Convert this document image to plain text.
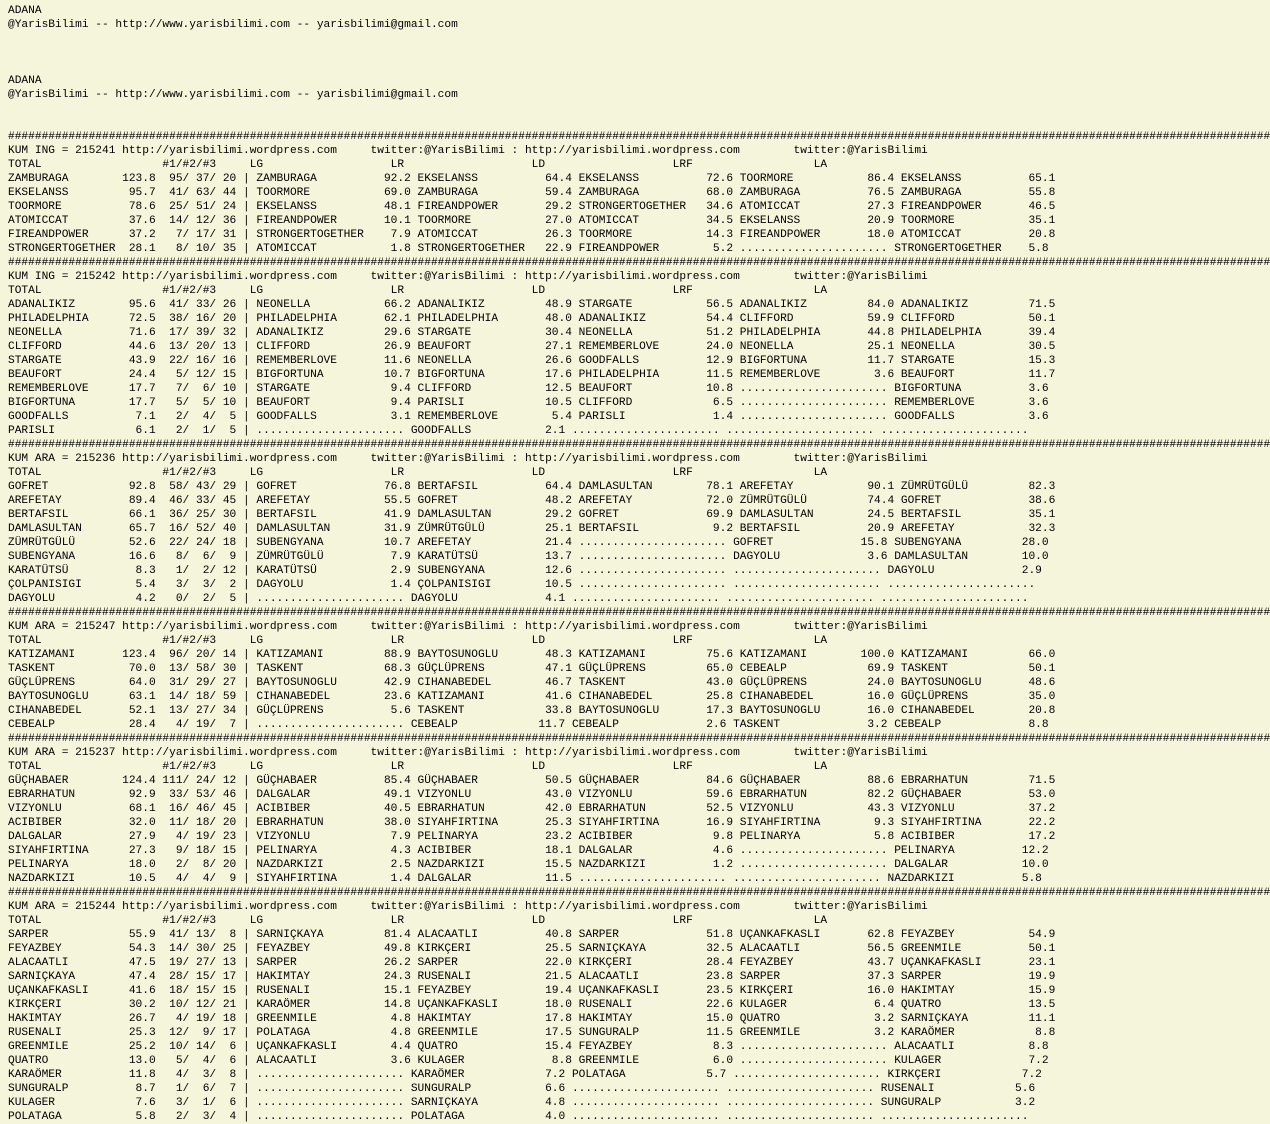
ADANA
@YarisBilimi -- http://www.yarisbilimi.com -- yarisbilimi@gmail.com
ADANA
@YarisBilimi -- http://www.yarisbilimi.com -- yarisbilimi@gmail.com
############################################################################################################################################################################################
KUM ING = 215241 http://yarisbilimi.wordpress.com     twitter:@YarisBilimi : http://yarisbilimi.wordpress.com        twitter:@YarisBilimi
TOTAL                  #1/#2/#3     LG                   LR                   LD                   LRF                  LA
ZAMBURAGA        123.8  95/ 37/ 20 | ZAMBURAGA          92.2 EKSELANSS          64.4 EKSELANSS          72.6 TOORMORE           86.4 EKSELANSS          65.1
EKSELANSS         95.7  41/ 63/ 44 | TOORMORE           69.0 ZAMBURAGA          59.4 ZAMBURAGA          68.0 ZAMBURAGA          76.5 ZAMBURAGA          55.8
TOORMORE          78.6  25/ 51/ 24 | EKSELANSS          48.1 FIREANDPOWER       29.2 STRONGERTOGETHER   34.6 ATOMICCAT          27.3 FIREANDPOWER       46.5
ATOMICCAT         37.6  14/ 12/ 36 | FIREANDPOWER       10.1 TOORMORE           27.0 ATOMICCAT          34.5 EKSELANSS          20.9 TOORMORE           35.1
FIREANDPOWER      37.2   7/ 17/ 31 | STRONGERTOGETHER    7.9 ATOMICCAT          26.3 TOORMORE           14.3 FIREANDPOWER       18.0 ATOMICCAT          20.8
STRONGERTOGETHER  28.1   8/ 10/ 35 | ATOMICCAT           1.8 STRONGERTOGETHER   22.9 FIREANDPOWER        5.2 ...................... STRONGERTOGETHER    5.8
############################################################################################################################################################################################
KUM ING = 215242 http://yarisbilimi.wordpress.com     twitter:@YarisBilimi : http://yarisbilimi.wordpress.com        twitter:@YarisBilimi
TOTAL                  #1/#2/#3     LG                   LR                   LD                   LRF                  LA
ADANALIKIZ        95.6  41/ 33/ 26 | NEONELLA           66.2 ADANALIKIZ         48.9 STARGATE           56.5 ADANALIKIZ         84.0 ADANALIKIZ         71.5
PHILADELPHIA      72.5  38/ 16/ 20 | PHILADELPHIA       62.1 PHILADELPHIA       48.0 ADANALIKIZ         54.4 CLIFFORD           59.9 CLIFFORD           50.1
NEONELLA          71.6  17/ 39/ 32 | ADANALIKIZ         29.6 STARGATE           30.4 NEONELLA           51.2 PHILADELPHIA       44.8 PHILADELPHIA       39.4
CLIFFORD          44.6  13/ 20/ 13 | CLIFFORD           26.9 BEAUFORT           27.1 REMEMBERLOVE       24.0 NEONELLA           25.1 NEONELLA           30.5
STARGATE          43.9  22/ 16/ 16 | REMEMBERLOVE       11.6 NEONELLA           26.6 GOODFALLS          12.9 BIGFORTUNA         11.7 STARGATE           15.3
BEAUFORT          24.4   5/ 12/ 15 | BIGFORTUNA         10.7 BIGFORTUNA         17.6 PHILADELPHIA       11.5 REMEMBERLOVE        3.6 BEAUFORT           11.7
REMEMBERLOVE      17.7   7/  6/ 10 | STARGATE            9.4 CLIFFORD           12.5 BEAUFORT           10.8 ...................... BIGFORTUNA          3.6
BIGFORTUNA        17.7   5/  5/ 10 | BEAUFORT            9.4 PARISLI            10.5 CLIFFORD            6.5 ...................... REMEMBERLOVE        3.6
GOODFALLS          7.1   2/  4/  5 | GOODFALLS           3.1 REMEMBERLOVE        5.4 PARISLI             1.4 ...................... GOODFALLS           3.6
PARISLI            6.1   2/  1/  5 | ...................... GOODFALLS           2.1 ...................... ...................... ......................
############################################################################################################################################################################################
KUM ARA = 215236 http://yarisbilimi.wordpress.com     twitter:@YarisBilimi : http://yarisbilimi.wordpress.com        twitter:@YarisBilimi
TOTAL                  #1/#2/#3     LG                   LR                   LD                   LRF                  LA
GOFRET            92.8  58/ 43/ 29 | GOFRET             76.8 BERTAFSIL          64.4 DAMLASULTAN        78.1 AREFETAY           90.1 ZÜMRÜTGÜLÜ         82.3
AREFETAY          89.4  46/ 33/ 45 | AREFETAY           55.5 GOFRET             48.2 AREFETAY           72.0 ZÜMRÜTGÜLÜ         74.4 GOFRET             38.6
BERTAFSIL         66.1  36/ 25/ 30 | BERTAFSIL          41.9 DAMLASULTAN        29.2 GOFRET             69.9 DAMLASULTAN        24.5 BERTAFSIL          35.1
DAMLASULTAN       65.7  16/ 52/ 40 | DAMLASULTAN        31.9 ZÜMRÜTGÜLÜ         25.1 BERTAFSIL           9.2 BERTAFSIL          20.9 AREFETAY           32.3
ZÜMRÜTGÜLÜ        52.6  22/ 24/ 18 | SUBENGYANA         10.7 AREFETAY           21.4 ...................... GOFRET             15.8 SUBENGYANA         28.0
SUBENGYANA        16.6   8/  6/  9 | ZÜMRÜTGÜLÜ          7.9 KARATÜTSÜ          13.7 ...................... DAGYOLU             3.6 DAMLASULTAN        10.0
KARATÜTSÜ          8.3   1/  2/ 12 | KARATÜTSÜ           2.9 SUBENGYANA         12.6 ...................... ...................... DAGYOLU             2.9
ÇOLPANISIGI        5.4   3/  3/  2 | DAGYOLU             1.4 ÇOLPANISIGI        10.5 ...................... ...................... ......................
DAGYOLU            4.2   0/  2/  5 | ...................... DAGYOLU             4.1 ...................... ...................... ......................
############################################################################################################################################################################################
KUM ARA = 215247 http://yarisbilimi.wordpress.com     twitter:@YarisBilimi : http://yarisbilimi.wordpress.com        twitter:@YarisBilimi
TOTAL                  #1/#2/#3     LG                   LR                   LD                   LRF                  LA
KATIZAMANI       123.4  96/ 20/ 14 | KATIZAMANI         88.9 BAYTOSUNOGLU       48.3 KATIZAMANI         75.6 KATIZAMANI        100.0 KATIZAMANI         66.0
TASKENT           70.0  13/ 58/ 30 | TASKENT            68.3 GÜÇLÜPRENS         47.1 GÜÇLÜPRENS         65.0 CEBEALP            69.9 TASKENT            50.1
GÜÇLÜPRENS        64.0  31/ 29/ 27 | BAYTOSUNOGLU       42.9 CIHANABEDEL        46.7 TASKENT            43.0 GÜÇLÜPRENS         24.0 BAYTOSUNOGLU       48.6
BAYTOSUNOGLU      63.1  14/ 18/ 59 | CIHANABEDEL        23.6 KATIZAMANI         41.6 CIHANABEDEL        25.8 CIHANABEDEL        16.0 GÜÇLÜPRENS         35.0
CIHANABEDEL       52.1  13/ 27/ 34 | GÜÇLÜPRENS          5.6 TASKENT            33.8 BAYTOSUNOGLU       17.3 BAYTOSUNOGLU       16.0 CIHANABEDEL        20.8
CEBEALP           28.4   4/ 19/  7 | ...................... CEBEALP            11.7 CEBEALP             2.6 TASKENT             3.2 CEBEALP             8.8
############################################################################################################################################################################################
KUM ARA = 215237 http://yarisbilimi.wordpress.com     twitter:@YarisBilimi : http://yarisbilimi.wordpress.com        twitter:@YarisBilimi
TOTAL                  #1/#2/#3     LG                   LR                   LD                   LRF                  LA
GÜÇHABAER        124.4 111/ 24/ 12 | GÜÇHABAER          85.4 GÜÇHABAER          50.5 GÜÇHABAER          84.6 GÜÇHABAER          88.6 EBRARHATUN         71.5
EBRARHATUN        92.9  33/ 53/ 46 | DALGALAR           49.1 VIZYONLU           43.0 VIZYONLU           59.6 EBRARHATUN         82.2 GÜÇHABAER          53.0
VIZYONLU          68.1  16/ 46/ 45 | ACIBIBER           40.5 EBRARHATUN         42.0 EBRARHATUN         52.5 VIZYONLU           43.3 VIZYONLU           37.2
ACIBIBER          32.0  11/ 18/ 20 | EBRARHATUN         38.0 SIYAHFIRTINA       25.3 SIYAHFIRTINA       16.9 SIYAHFIRTINA        9.3 SIYAHFIRTINA       22.2
DALGALAR          27.9   4/ 19/ 23 | VIZYONLU            7.9 PELINARYA          23.2 ACIBIBER            9.8 PELINARYA           5.8 ACIBIBER           17.2
SIYAHFIRTINA      27.3   9/ 18/ 15 | PELINARYA           4.3 ACIBIBER           18.1 DALGALAR            4.6 ...................... PELINARYA          12.2
PELINARYA         18.0   2/  8/ 20 | NAZDARKIZI          2.5 NAZDARKIZI         15.5 NAZDARKIZI          1.2 ...................... DALGALAR           10.0
NAZDARKIZI        10.5   4/  4/  9 | SIYAHFIRTINA        1.4 DALGALAR           11.5 ...................... ...................... NAZDARKIZI          5.8
############################################################################################################################################################################################
KUM ARA = 215244 http://yarisbilimi.wordpress.com     twitter:@YarisBilimi : http://yarisbilimi.wordpress.com        twitter:@YarisBilimi
TOTAL                  #1/#2/#3     LG                   LR                   LD                   LRF                  LA
SARPER            55.9  41/ 13/  8 | SARNIÇKAYA         81.4 ALACAATLI          40.8 SARPER             51.8 UÇANKAFKASLI       62.8 FEYAZBEY           54.9
FEYAZBEY          54.3  14/ 30/ 25 | FEYAZBEY           49.8 KIRKÇERI           25.5 SARNIÇKAYA         32.5 ALACAATLI          56.5 GREENMILE          50.1
ALACAATLI         47.5  19/ 27/ 13 | SARPER             26.2 SARPER             22.0 KIRKÇERI           28.4 FEYAZBEY           43.7 UÇANKAFKASLI       23.1
SARNIÇKAYA        47.4  28/ 15/ 17 | HAKIMTAY           24.3 RUSENALI           21.5 ALACAATLI          23.8 SARPER             37.3 SARPER             19.9
UÇANKAFKASLI      41.6  18/ 15/ 15 | RUSENALI           15.1 FEYAZBEY           19.4 UÇANKAFKASLI       23.5 KIRKÇERI           16.0 HAKIMTAY           15.9
KIRKÇERI          30.2  10/ 12/ 21 | KARAÖMER           14.8 UÇANKAFKASLI       18.0 RUSENALI           22.6 KULAGER             6.4 QUATRO             13.5
HAKIMTAY          26.7   4/ 19/ 18 | GREENMILE           4.8 HAKIMTAY           17.8 HAKIMTAY           15.0 QUATRO              3.2 SARNIÇKAYA         11.1
RUSENALI          25.3  12/  9/ 17 | POLATAGA            4.8 GREENMILE          17.5 SUNGURALP          11.5 GREENMILE           3.2 KARAÖMER            8.8
GREENMILE         25.2  10/ 14/  6 | UÇANKAFKASLI        4.4 QUATRO             15.4 FEYAZBEY            8.3 ...................... ALACAATLI           8.8
QUATRO            13.0   5/  4/  6 | ALACAATLI           3.6 KULAGER             8.8 GREENMILE           6.0 ...................... KULAGER             7.2
KARAÖMER          11.8   4/  3/  8 | ...................... KARAÖMER            7.2 POLATAGA            5.7 ...................... KIRKÇERI            7.2
SUNGURALP          8.7   1/  6/  7 | ...................... SUNGURALP           6.6 ...................... ...................... RUSENALI            5.6
KULAGER            7.6   3/  1/  6 | ...................... SARNIÇKAYA          4.8 ...................... ...................... SUNGURALP           3.2
POLATAGA           5.8   2/  3/  4 | ...................... POLATAGA            4.0 ...................... ...................... ......................
